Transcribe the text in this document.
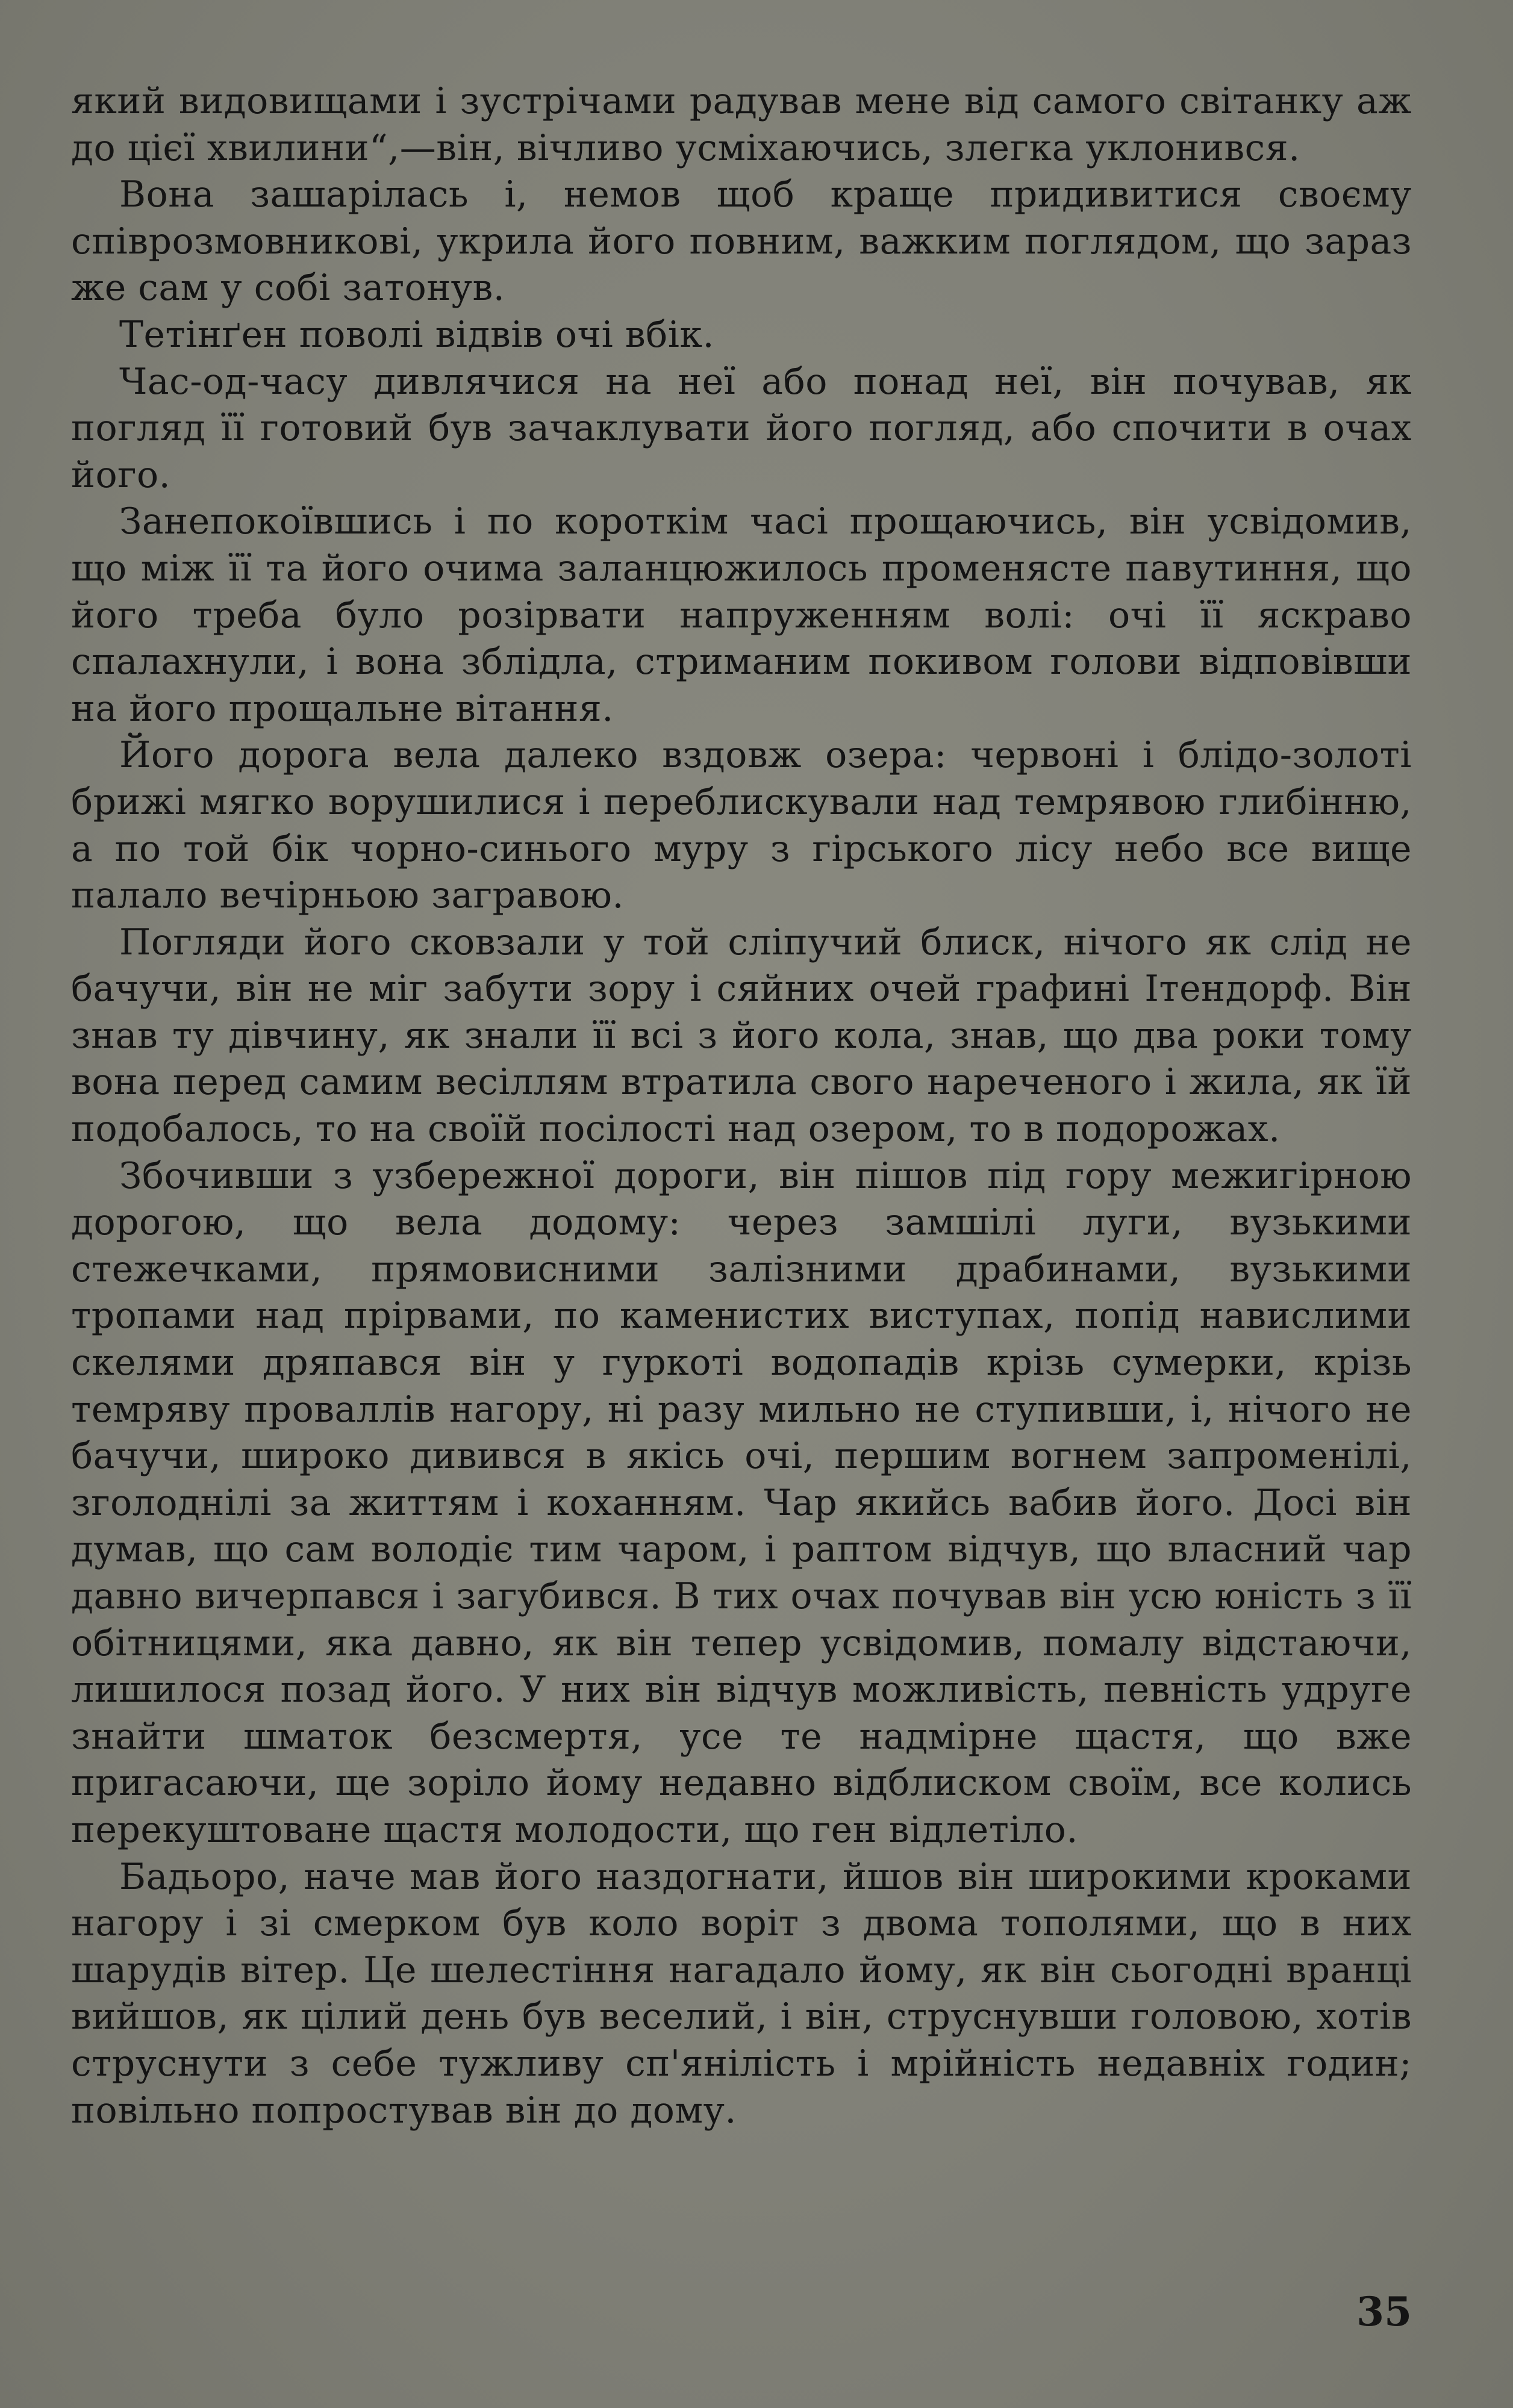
який видовищами і зустрічами радував мене від самого світанку аж до цієї хвилини“,—він, вічливо усміхаючись, злегка уклонився.

Вона зашарілась і, немов щоб краще придивитися своєму співрозмовникові, укрила його повним, важким поглядом, що зараз же сам у собі затонув.

Тетінґен поволі відвів очі вбік.

Час-од-часу дивлячися на неї або понад неї, він почував, як погляд її готовий був зачаклувати його погляд, або спочити в очах його.

Занепокоївшись і по короткім часі прощаючись, він усвідомив, що між її та його очима заланцюжилось променясте павутиння, що його треба було розірвати напруженням волі: очі її яскраво спалахнули, і вона зблідла, стриманим покивом голови відповівши на його прощальне вітання.

Його дорога вела далеко вздовж озера: червоні і блідо-золоті брижі мягко ворушилися і переблискували над темрявою глибінню, а по той бік чорно-синього муру з гірського лісу небо все вище палало вечірньою загравою.

Погляди його сковзали у той сліпучий блиск, нічого як слід не бачучи, він не міг забути зору і сяйних очей графині Ітендорф. Він знав ту дівчину, як знали її всі з його кола, знав, що два роки тому вона перед самим весіллям втратила свого нареченого і жила, як їй подобалось, то на своїй посілості над озером, то в подорожах.

Збочивши з узбережної дороги, він пішов під гору межигірною дорогою, що вела додому: через замшілі луги, вузькими стежечками, прямовисними залізними драбинами, вузькими тропами над прірвами, по каменистих виступах, попід навислими скелями дряпався він у гуркоті водопадів крізь сумерки, крізь темряву проваллів нагору, ні разу мильно не ступивши, і, нічого не бачучи, широко дивився в якісь очі, першим вогнем запроменілі, зголоднілі за життям і коханням. Чар якийсь вабив його. Досі він думав, що сам володіє тим чаром, і раптом відчув, що власний чар давно вичерпався і загубився. В тих очах почував він усю юність з її обітницями, яка давно, як він тепер усвідомив, помалу відстаючи, лишилося позад його. У них він відчув можливість, певність удруге знайти шматок безсмертя, усе те надмірне щастя, що вже пригасаючи, ще зоріло йому недавно відблиском своїм, все колись перекуштоване щастя молодости, що ген відлетіло.

Бадьоро, наче мав його наздогнати, йшов він широкими кроками нагору і зі смерком був коло воріт з двома тополями, що в них шарудів вітер. Це шелестіння нагадало йому, як він сьогодні вранці вийшов, як цілий день був веселий, і він, струснувши головою, хотів струснути з себе тужливу сп'янілість і мрійність недавніх годин; повільно попростував він до дому.

35
